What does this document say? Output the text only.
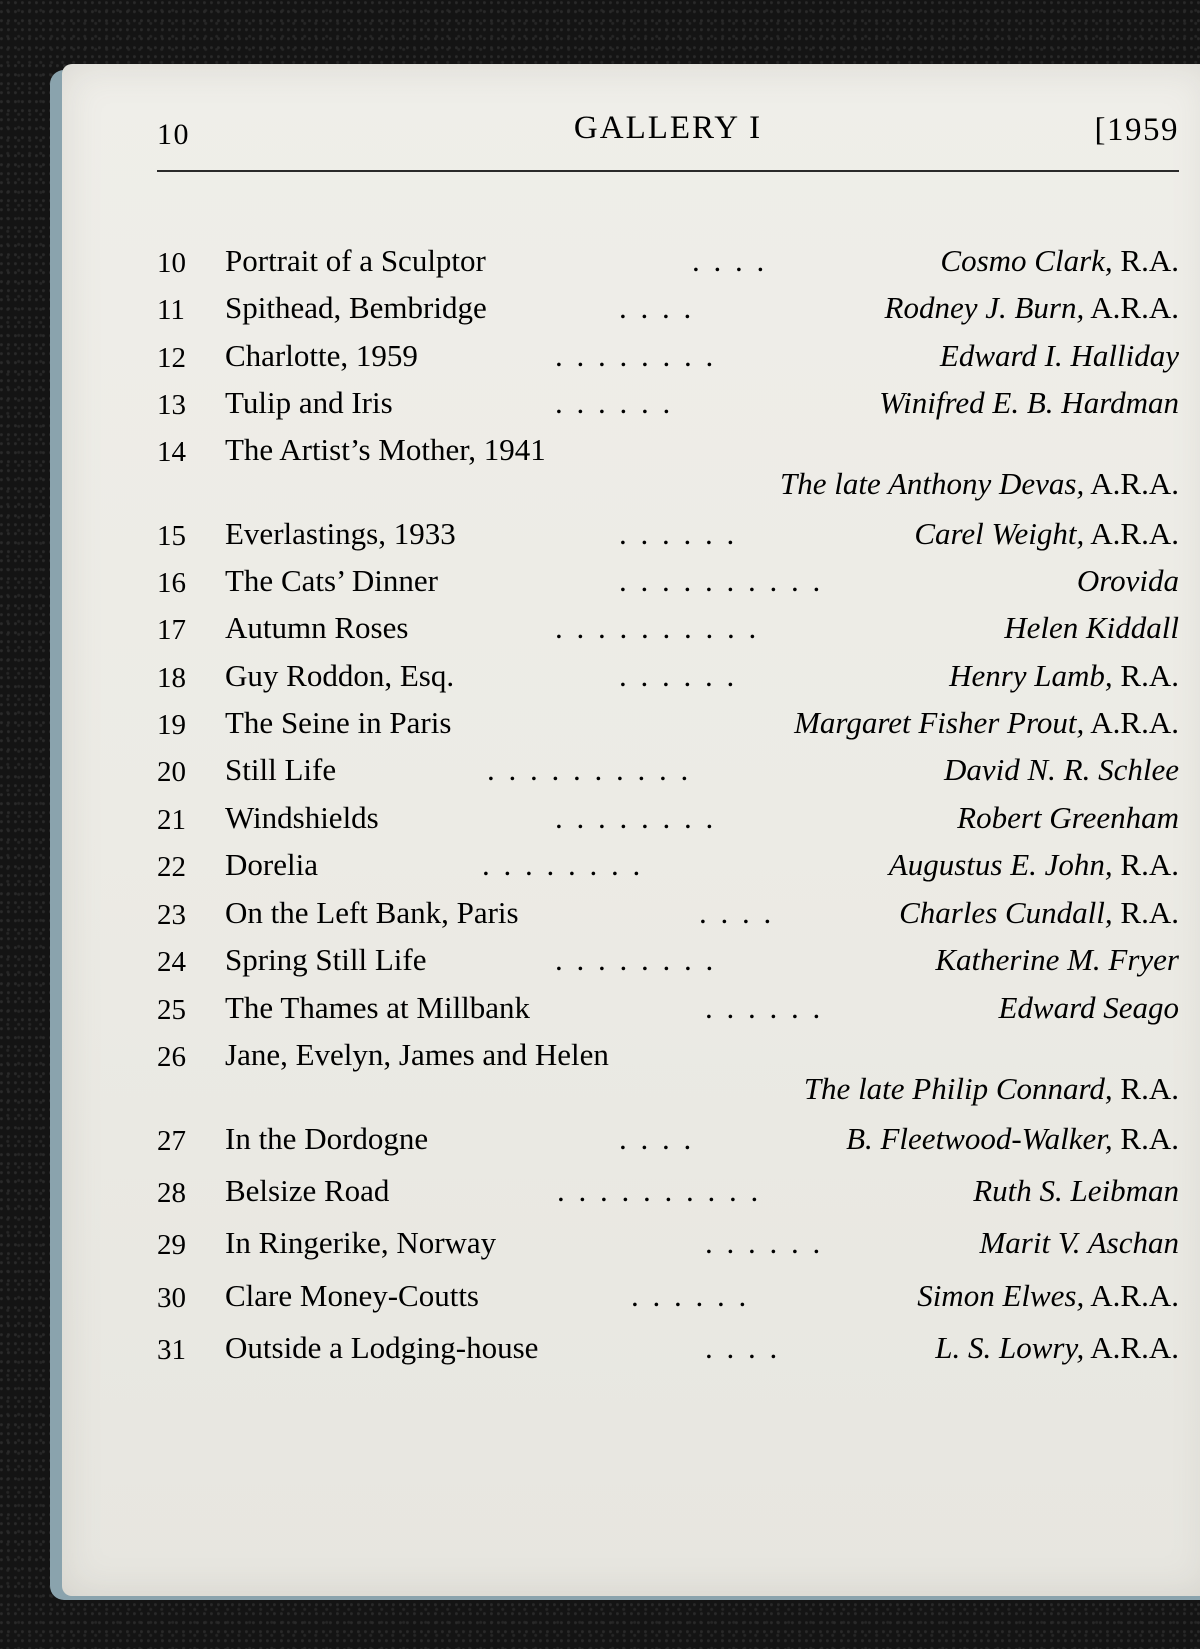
10	GALLERY I	[1959
10 Portrait of a Sculptor	. . . .	Cosmo Clark, R.A.
11 Spithead, Bembridge	. . . .	Rodney J. Burn, A.R.A.
12 Charlotte, 1959	. . . . . . . .	Edward I. Halliday
13 Tulip and Iris	. . . . . .	Winifred E. B. Hardman
14 The Artist’s Mother, 1941
The late Anthony Devas, A.R.A.
15 Everlastings, 1933	. . . . . .	Carel Weight, A.R.A.
16 The Cats’ Dinner	. . . . . . . . . .	Orovida
17 Autumn Roses	. . . . . . . . . .	Helen Kiddall
18 Guy Roddon, Esq.	. . . . . .	Henry Lamb, R.A.
19 The Seine in Paris	Margaret Fisher Prout, A.R.A.
20 Still Life	. . . . . . . . . .	David N. R. Schlee
21 Windshields	. . . . . . . .	Robert Greenham
22 Dorelia	. . . . . . . .	Augustus E. John, R.A.
23 On the Left Bank, Paris	. . . .	Charles Cundall, R.A.
24 Spring Still Life	. . . . . . . .	Katherine M. Fryer
25 The Thames at Millbank	. . . . . .	Edward Seago
26 Jane, Evelyn, James and Helen
The late Philip Connard, R.A.
27 In the Dordogne	. . . .	B. Fleetwood-Walker, R.A.
28 Belsize Road	. . . . . . . . . .	Ruth S. Leibman
29 In Ringerike, Norway	. . . . . .	Marit V. Aschan
30 Clare Money-Coutts	. . . . . .	Simon Elwes, A.R.A.
31 Outside a Lodging-house	. . . .	L. S. Lowry, A.R.A.
